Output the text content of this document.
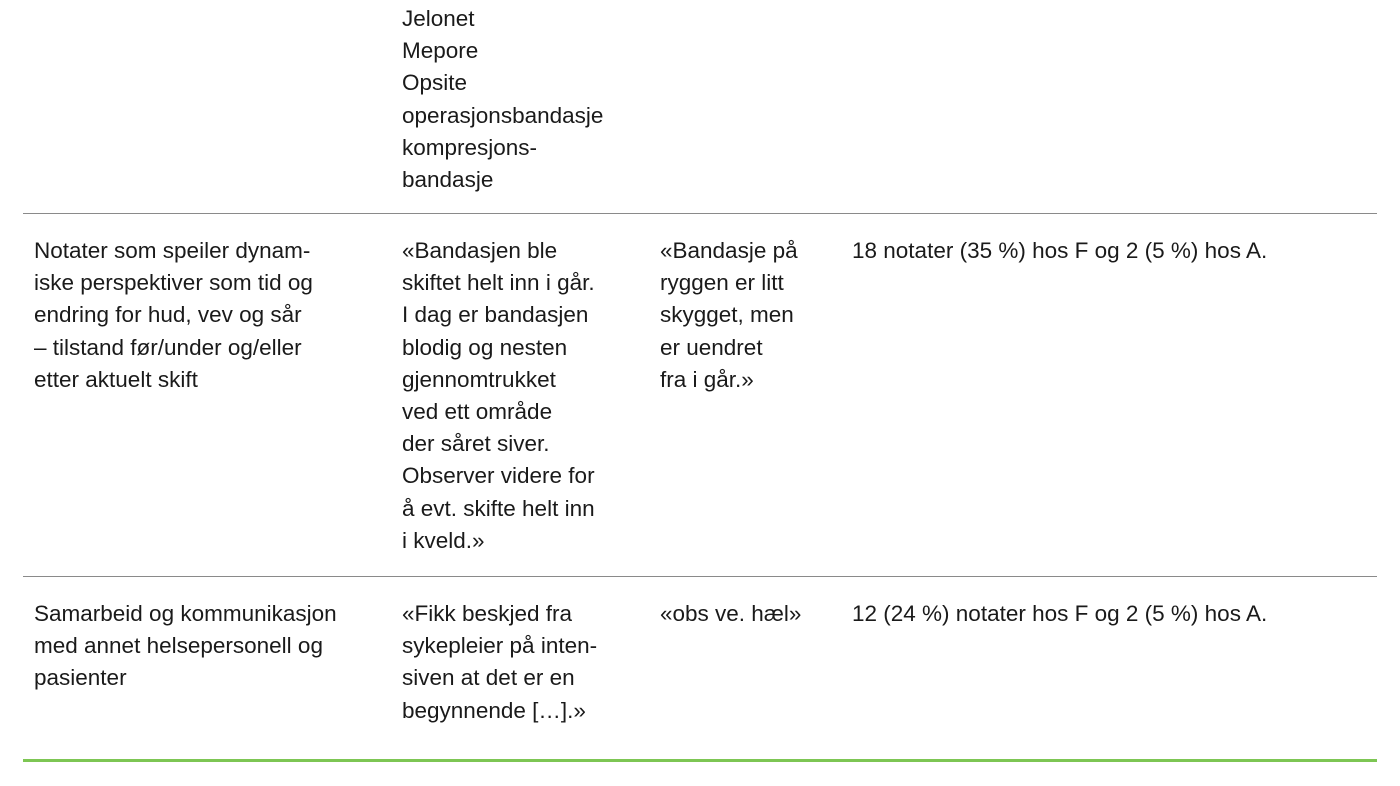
Jelonet
Mepore
Opsite
operasjonsbandasje
kompresjons-
bandasje
Notater som speiler dynam-
iske perspektiver som tid og
endring for hud, vev og sår
– tilstand før/under og/eller
etter aktuelt skift
«Bandasjen ble
skiftet helt inn i går.
I dag er bandasjen
blodig og nesten
gjennomtrukket
ved ett område
der såret siver.
Observer videre for
å evt. skifte helt inn
i kveld.»
«Bandasje på
ryggen er litt
skygget, men
er uendret
fra i går.»
18 notater (35 %) hos F og 2 (5 %) hos A.
Samarbeid og kommunikasjon
med annet helsepersonell og
pasienter
«Fikk beskjed fra
sykepleier på inten-
siven at det er en
begynnende […].»
«obs ve. hæl» 12 (24 %) notater hos F og 2 (5 %) hos A.
